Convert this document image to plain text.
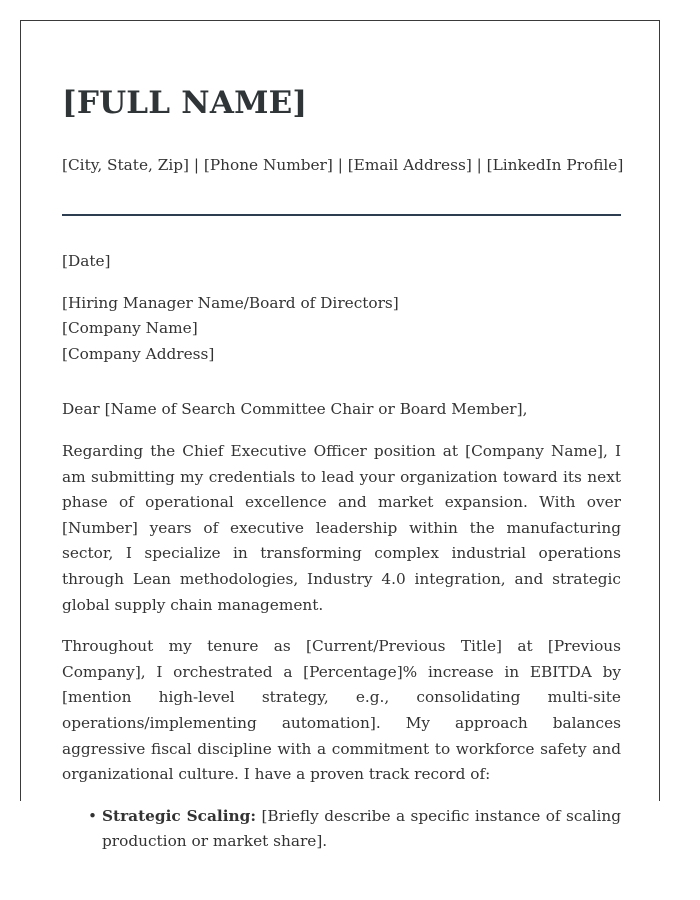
[FULL NAME]
[City, State, Zip] | [Phone Number] | [Email Address] | [LinkedIn Profile]

[Date]

[Hiring Manager Name/Board of Directors]

[Company Name]

[Company Address]

Dear [Name of Search Committee Chair or Board Member],

Regarding the Chief Executive Officer position at [Company Name], I am submitting my credentials to lead your organization toward its next phase of operational excellence and market expansion. With over [Number] years of executive leadership within the manufacturing sector, I specialize in transforming complex industrial operations through Lean methodologies, Industry 4.0 integration, and strategic global supply chain management.

Throughout my tenure as [Current/Previous Title] at [Previous Company], I orchestrated a [Percentage]% increase in EBITDA by [mention high-level strategy, e.g., consolidating multi-site operations/implementing automation]. My approach balances aggressive fiscal discipline with a commitment to workforce safety and organizational culture. I have a proven track record of:

• Strategic Scaling: [Briefly describe a specific instance of scaling production or market share].
